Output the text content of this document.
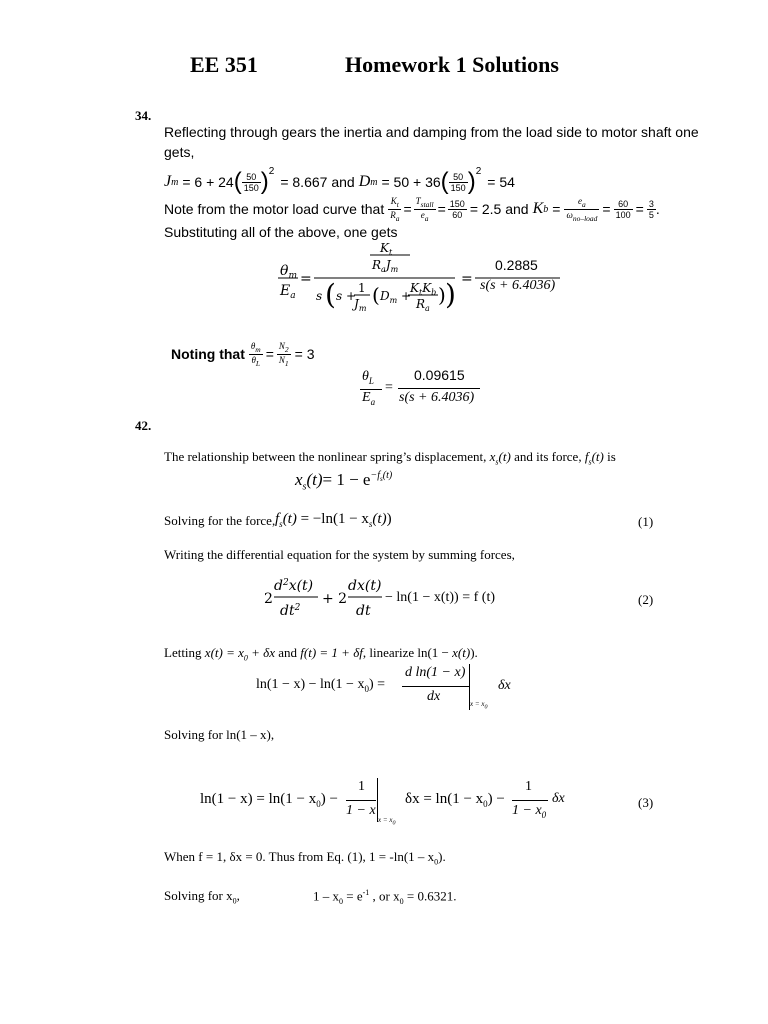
EE 351	Homework 1 Solutions
34.
Reflecting through gears the inertia and damping from the load side to motor shaft one
gets,
J m = 6 + 24 ( $\frac{50}{150} )^2$
= 8.667 and D m = 50 + 36 ( $\frac{50}{150} )^2$
= 54
Note from the motor load curve that $\frac{K_t}{R_a} = \frac{T_{stall}}{e_a} = \frac{150}{60} = 2.5$ and K $b = \frac{e_a}{\omega_{no-load}} = \frac{60}{100} = \frac{3}{5}$ .
Substituting all of the above, one gets
$\theta_m$
$E_a$
=
$K_t$
$R_aJ_m$
s ( s +
1
$J_m$
( $D_m$ +
$K_tK_b$
$R_a$
) ) =
0.2885
s(s + 6.4036)
Noting that $\frac{\theta_m}{\theta_L} = \frac{N_2}{N_1} = 3$
$\theta_L$
$E_a$
=
0.09615
s(s + 6.4036)
42.
The relationship between the nonlinear spring’s displacement, $x_s(t)$ and its force, $f_s(t)$ is
$x_s(t)= 1 - e^{-f_s(t)}$
Solving for the force, $f_s(t) = -\ln(1 - x_s(t))$	(1)
Writing the differential equation for the system by summing forces,
2
$d^2x(t)$
$dt^2$
+ 2
dx(t)
dt
− ln(1 − x(t)) = f (t)	(2)
Letting $x(t) = x_0 + \delta x$ and f(t) = 1 + δf, linearize ln(1 − x(t)).
$\ln(1 - x) - \ln(1 - x_0)$ =
d ln(1 − x)
dx	$x = x_0$
δx
Solving for ln(1 – x),
$\ln(1 - x) = \ln(1 - x_0)$ −
1
1 − x
$x = x_0$
$\delta x = \ln(1 - x_0)$ −
1
$1 - x_0$
δx	(3)
When f = 1, δx = 0. Thus from Eq. (1), $1 = -\ln(1 - x_0)$.
Solving for $x_0$,	$1 - x_0 = e^{-1}$ , or $x_0 = 0.6321$.
